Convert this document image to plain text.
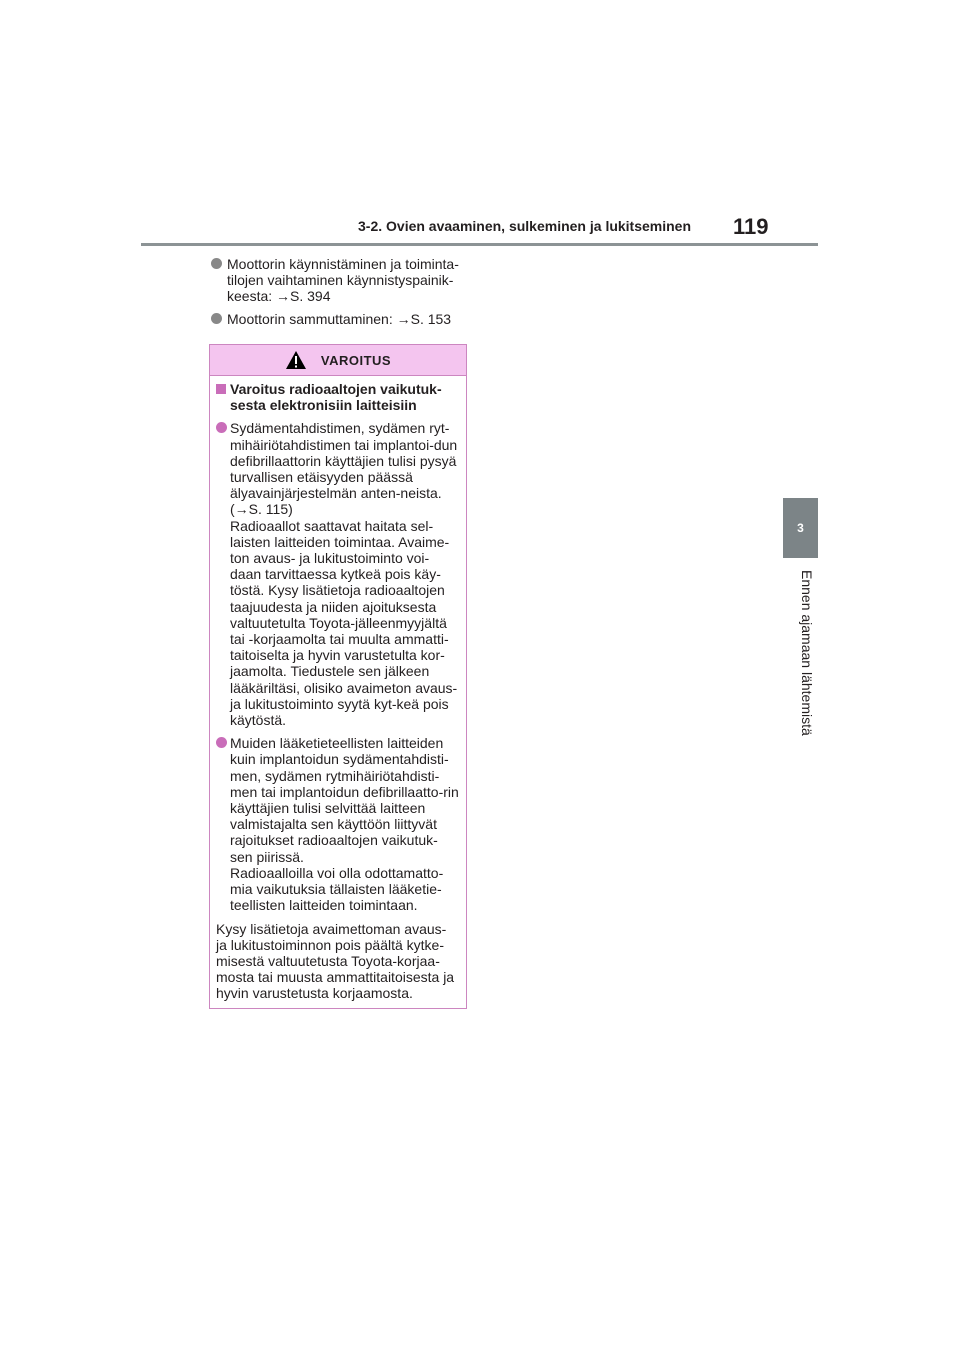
3-2. Ovien avaaminen, sulkeminen ja lukitseminen 119
3
Ennen ajamaan lähtemistä
Moottorin käynnistäminen ja toiminta-tilojen vaihtaminen käynnistyspainik-keesta: →S. 394
Moottorin sammuttaminen: →S. 153
VAROITUS
Varoitus radioaaltojen vaikutuk-sesta elektronisiin laitteisiin

Sydämentahdistimen, sydämen ryt-mihäiriötahdistimen tai implantoi-dun defibrillaattorin käyttäjien tulisi pysyä turvallisen etäisyyden päässä älyavainjärjestelmän anten-neista. (→S. 115)

Radioaallot saattavat haitata sel-laisten laitteiden toimintaa. Avaime-ton avaus- ja lukitustoiminto voi-daan tarvittaessa kytkeä pois käy-töstä. Kysy lisätietoja radioaaltojen taajuudesta ja niiden ajoituksesta valtuutetulta Toyota-jälleenmyyjältä tai -korjaamolta tai muulta ammatti-taitoiselta ja hyvin varustetulta kor-jaamolta. Tiedustele sen jälkeen lääkäriltäsi, olisiko avaimeton avaus- ja lukitustoiminto syytä kyt-keä pois käytöstä.

Muiden lääketieteellisten laitteiden kuin implantoidun sydämentahdisti-men, sydämen rytmihäiriötahdisti-men tai implantoidun defibrillaatto-rin käyttäjien tulisi selvittää laitteen valmistajalta sen käyttöön liittyvät rajoitukset radioaaltojen vaikutuk-sen piirissä.

Radioaalloilla voi olla odottamatto-mia vaikutuksia tällaisten lääketie-teellisten laitteiden toimintaan.

Kysy lisätietoja avaimettoman avaus- ja lukitustoiminnon pois päältä kytke-misestä valtuutetusta Toyota-korjaa-mosta tai muusta ammattitaitoisesta ja hyvin varustetusta korjaamosta.
